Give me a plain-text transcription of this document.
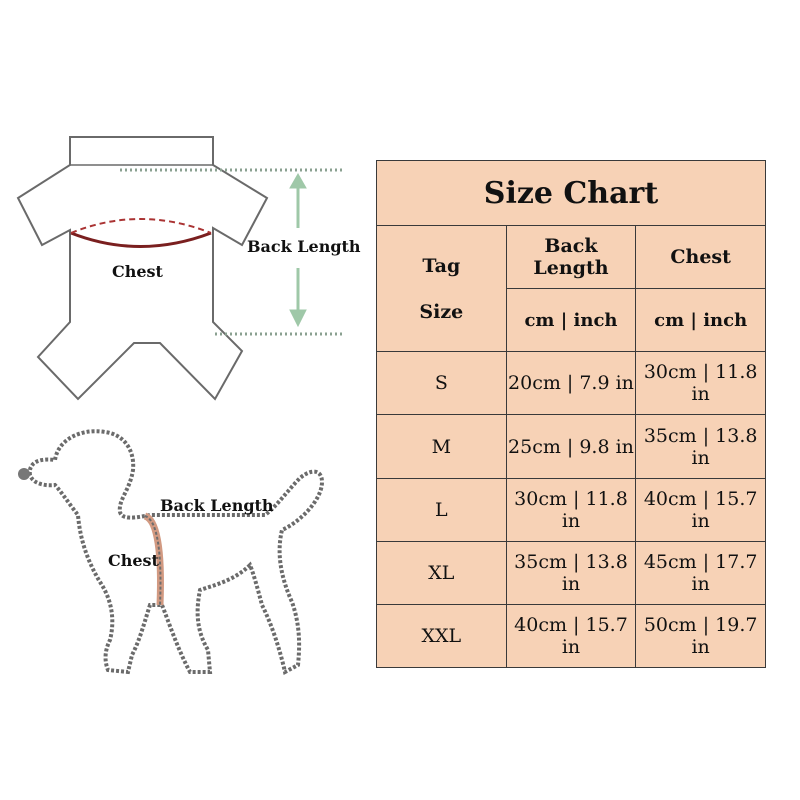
Chest
Back Length
Back Length
Chest
Size Chart		

Tag
Size	Back Length	Chest
	cm | inch	cm | inch
S	20cm | 7.9 in	30cm | 11.8 in
M	25cm | 9.8 in	35cm | 13.8 in
L	30cm | 11.8 in	40cm | 15.7 in
XL	35cm | 13.8 in	45cm | 17.7 in
XXL	40cm | 15.7 in	50cm | 19.7 in
